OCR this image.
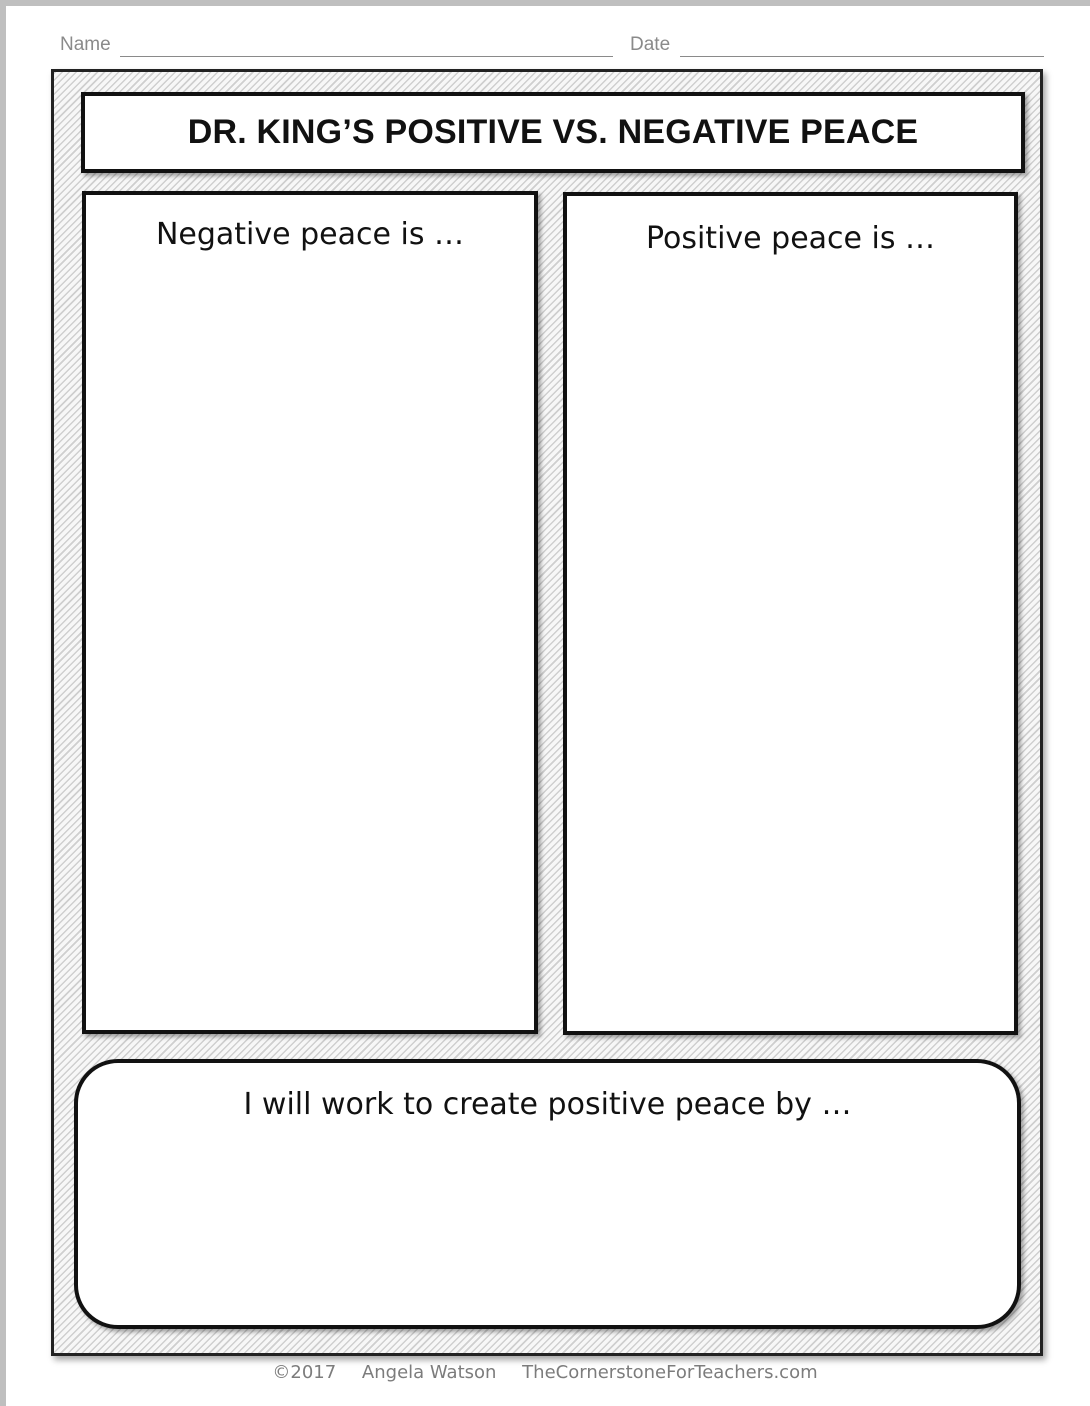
Name	Date
DR. KING’S POSITIVE VS. NEGATIVE PEACE
Negative peace is …	Positive peace is …
I will work to create positive peace by …
©2017 Angela Watson TheCornerstoneForTeachers.com
